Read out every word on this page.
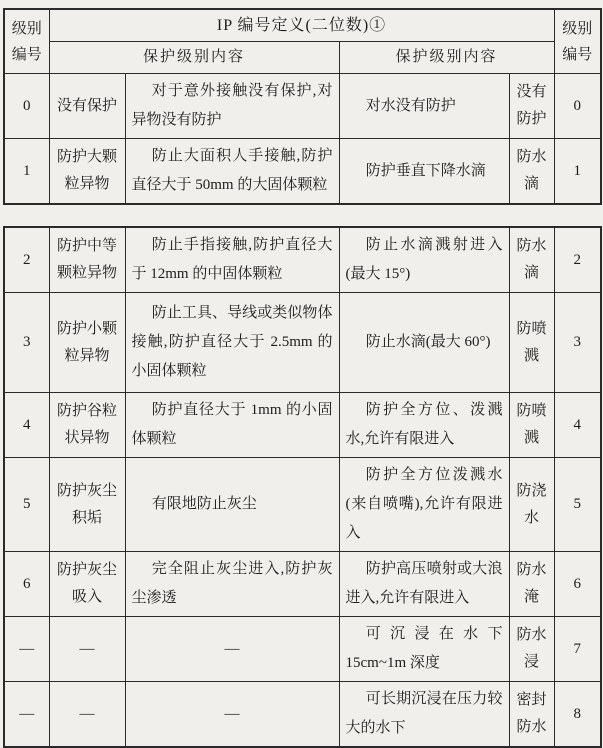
级别编号	IP 编号定义(二位数)①				级别编号
	保护级别内容		保护级别内容		
0	没有保护	对于意外接触没有保护,对异物没有防护	对水没有防护	没有防护	0
1	防护大颗粒异物	防止大面积人手接触,防护直径大于 50mm 的大固体颗粒	防护垂直下降水滴	防水滴	1
2	防护中等颗粒异物	防止手指接触,防护直径大于 12mm 的中固体颗粒	防止水滴溅射进入(最大 15°)	防水滴	2
3	防护小颗粒异物	防止工具、导线或类似物体接触,防护直径大于 2.5mm 的小固体颗粒	防止水滴(最大 60°)	防喷溅	3
4	防护谷粒状异物	防护直径大于 1mm 的小固体颗粒	防护全方位、泼溅水,允许有限进入	防喷溅	4
5	防护灰尘积垢	有限地防止灰尘	防护全方位泼溅水(来自喷嘴),允许有限进入	防浇水	5
6	防护灰尘吸入	完全阻止灰尘进入,防护灰尘渗透	防护高压喷射或大浪进入,允许有限进入	防水淹	6
—	—	—	可沉浸在水下 15cm~1m 深度	防水浸	7
—	—	—	可长期沉浸在压力较大的水下	密封防水	8
